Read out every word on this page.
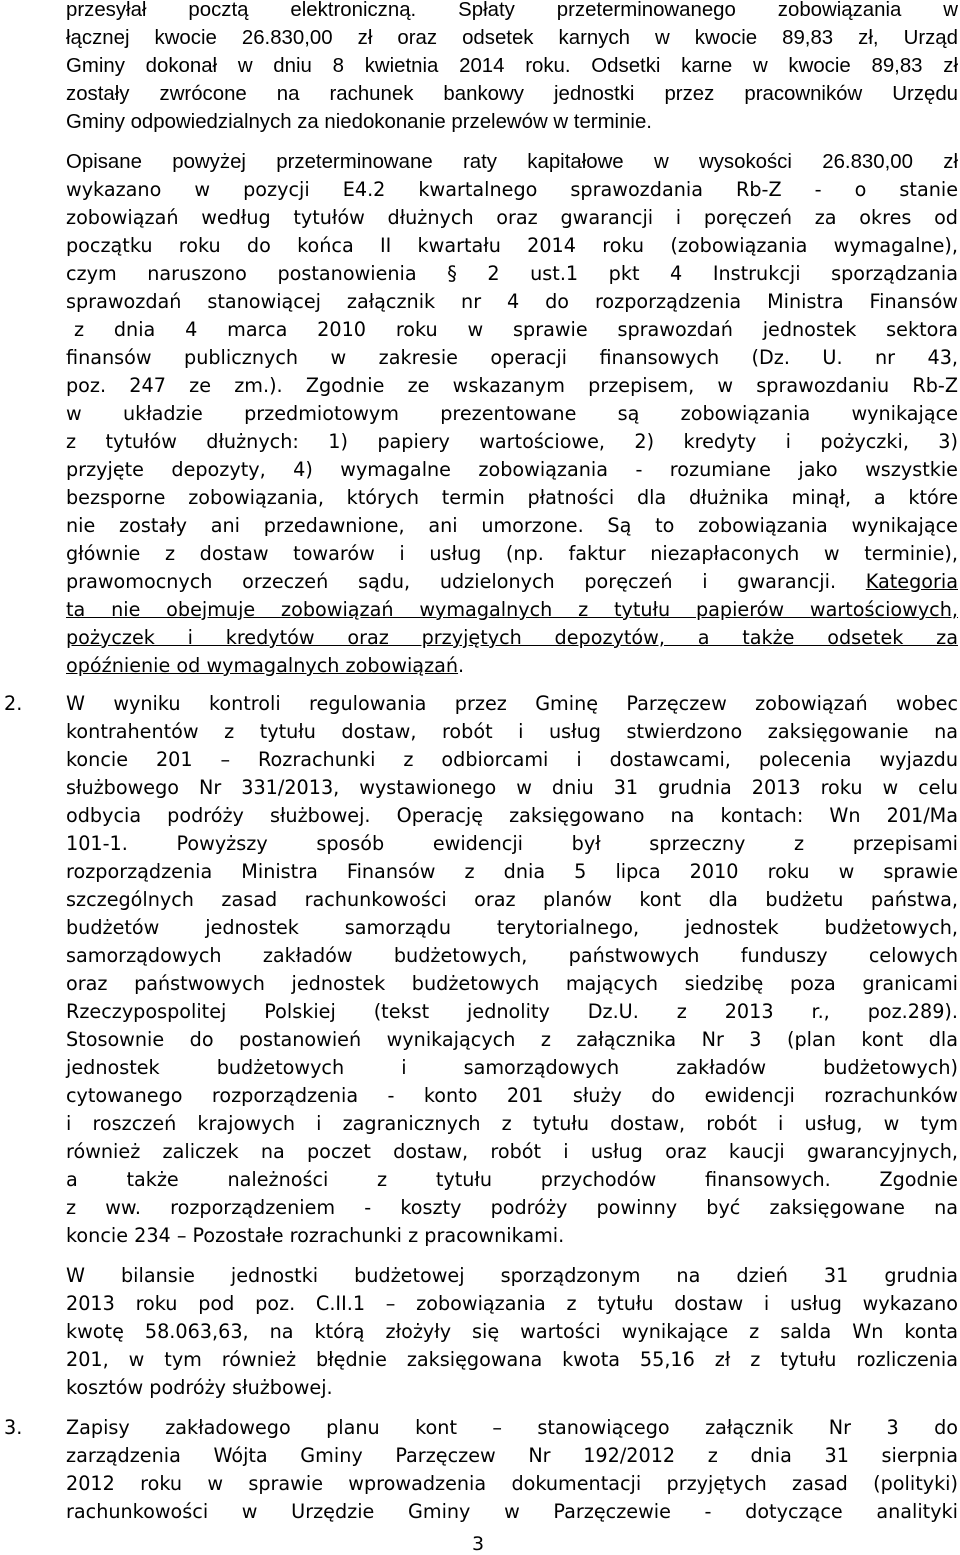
przesyłał pocztą elektroniczną. Spłaty przeterminowanego zobowiązania w
łącznej kwocie 26.830,00 zł oraz odsetek karnych w kwocie 89,83 zł, Urząd
Gminy dokonał w dniu 8 kwietnia 2014 roku. Odsetki karne w kwocie 89,83 zł
zostały zwrócone na rachunek bankowy jednostki przez pracowników Urzędu
Gminy odpowiedzialnych za niedokonanie przelewów w terminie.
Opisane powyżej przeterminowane raty kapitałowe w wysokości 26.830,00 zł
wykazano w pozycji E4.2 kwartalnego sprawozdania Rb-Z - o stanie
zobowiązań według tytułów dłużnych oraz gwarancji i poręczeń za okres od
początku roku do końca II kwartału 2014 roku (zobowiązania wymagalne),
czym naruszono postanowienia § 2 ust.1 pkt 4 Instrukcji sporządzania
sprawozdań stanowiącej załącznik nr 4 do rozporządzenia Ministra Finansów
z dnia 4 marca 2010 roku w sprawie sprawozdań jednostek sektora
finansów publicznych w zakresie operacji finansowych (Dz. U. nr 43,
poz. 247 ze zm.). Zgodnie ze wskazanym przepisem, w sprawozdaniu Rb-Z
w układzie przedmiotowym prezentowane są zobowiązania wynikające
z tytułów dłużnych: 1) papiery wartościowe, 2) kredyty i pożyczki, 3)
przyjęte depozyty, 4) wymagalne zobowiązania - rozumiane jako wszystkie
bezsporne zobowiązania, których termin płatności dla dłużnika minął, a które
nie zostały ani przedawnione, ani umorzone. Są to zobowiązania wynikające
głównie z dostaw towarów i usług (np. faktur niezapłaconych w terminie),
prawomocnych orzeczeń sądu, udzielonych poręczeń i gwarancji. Kategoria
ta nie obejmuje zobowiązań wymagalnych z tytułu papierów wartościowych,
pożyczek i kredytów oraz przyjętych depozytów, a także odsetek za
opóźnienie od wymagalnych zobowiązań.
2. W wyniku kontroli regulowania przez Gminę Parzęczew zobowiązań wobec
kontrahentów z tytułu dostaw, robót i usług stwierdzono zaksięgowanie na
koncie 201 – Rozrachunki z odbiorcami i dostawcami, polecenia wyjazdu
służbowego Nr 331/2013, wystawionego w dniu 31 grudnia 2013 roku w celu
odbycia podróży służbowej. Operację zaksięgowano na kontach: Wn 201/Ma
101-1. Powyższy sposób ewidencji był sprzeczny z przepisami
rozporządzenia Ministra Finansów z dnia 5 lipca 2010 roku w sprawie
szczególnych zasad rachunkowości oraz planów kont dla budżetu państwa,
budżetów jednostek samorządu terytorialnego, jednostek budżetowych,
samorządowych zakładów budżetowych, państwowych funduszy celowych
oraz państwowych jednostek budżetowych mających siedzibę poza granicami
Rzeczypospolitej Polskiej (tekst jednolity Dz.U. z 2013 r., poz.289).
Stosownie do postanowień wynikających z załącznika Nr 3 (plan kont dla
jednostek budżetowych i samorządowych zakładów budżetowych)
cytowanego rozporządzenia - konto 201 służy do ewidencji rozrachunków
i roszczeń krajowych i zagranicznych z tytułu dostaw, robót i usług, w tym
również zaliczek na poczet dostaw, robót i usług oraz kaucji gwarancyjnych,
a także należności z tytułu przychodów finansowych. Zgodnie
z ww. rozporządzeniem - koszty podróży powinny być zaksięgowane na
koncie 234 – Pozostałe rozrachunki z pracownikami.
W bilansie jednostki budżetowej sporządzonym na dzień 31 grudnia
2013 roku pod poz. C.II.1 – zobowiązania z tytułu dostaw i usług wykazano
kwotę 58.063,63, na którą złożyły się wartości wynikające z salda Wn konta
201, w tym również błędnie zaksięgowana kwota 55,16 zł z tytułu rozliczenia
kosztów podróży służbowej.
3. Zapisy zakładowego planu kont – stanowiącego załącznik Nr 3 do
zarządzenia Wójta Gminy Parzęczew Nr 192/2012 z dnia 31 sierpnia
2012 roku w sprawie wprowadzenia dokumentacji przyjętych zasad (polityki)
rachunkowości w Urzędzie Gminy w Parzęczewie - dotyczące analityki
3
